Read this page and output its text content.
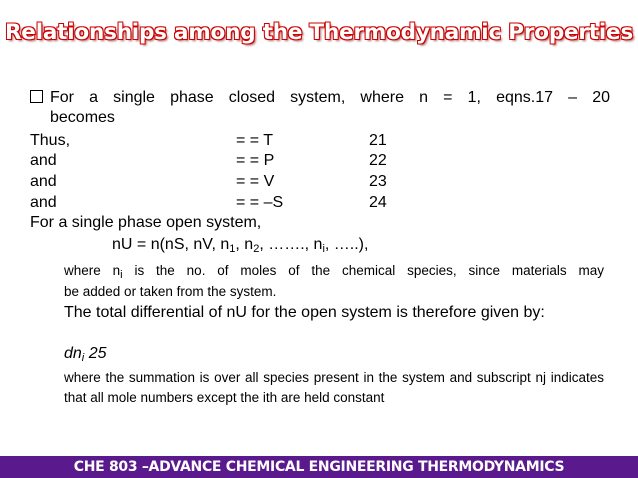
Relationships among the Thermodynamic Properties
For a single phase closed system, where n = 1, eqns.17 – 20
becomes
Thus,	= = T	21
and	= = P	22
and	= = V	23
and	= = –S	24
For a single phase open system,
nU = n(nS, nV, $n_1$, $n_2$, ……., $n_i$, …..),
where $n_i$ is the no. of moles of the chemical species, since materials may
be added or taken from the system.
The total differential of nU for the open system is therefore given by:
$dn_i$ 25
where the summation is over all species present in the system and subscript nj indicates that all mole numbers except the ith are held constant
CHE 803 –ADVANCE CHEMICAL ENGINEERING THERMODYNAMICS
